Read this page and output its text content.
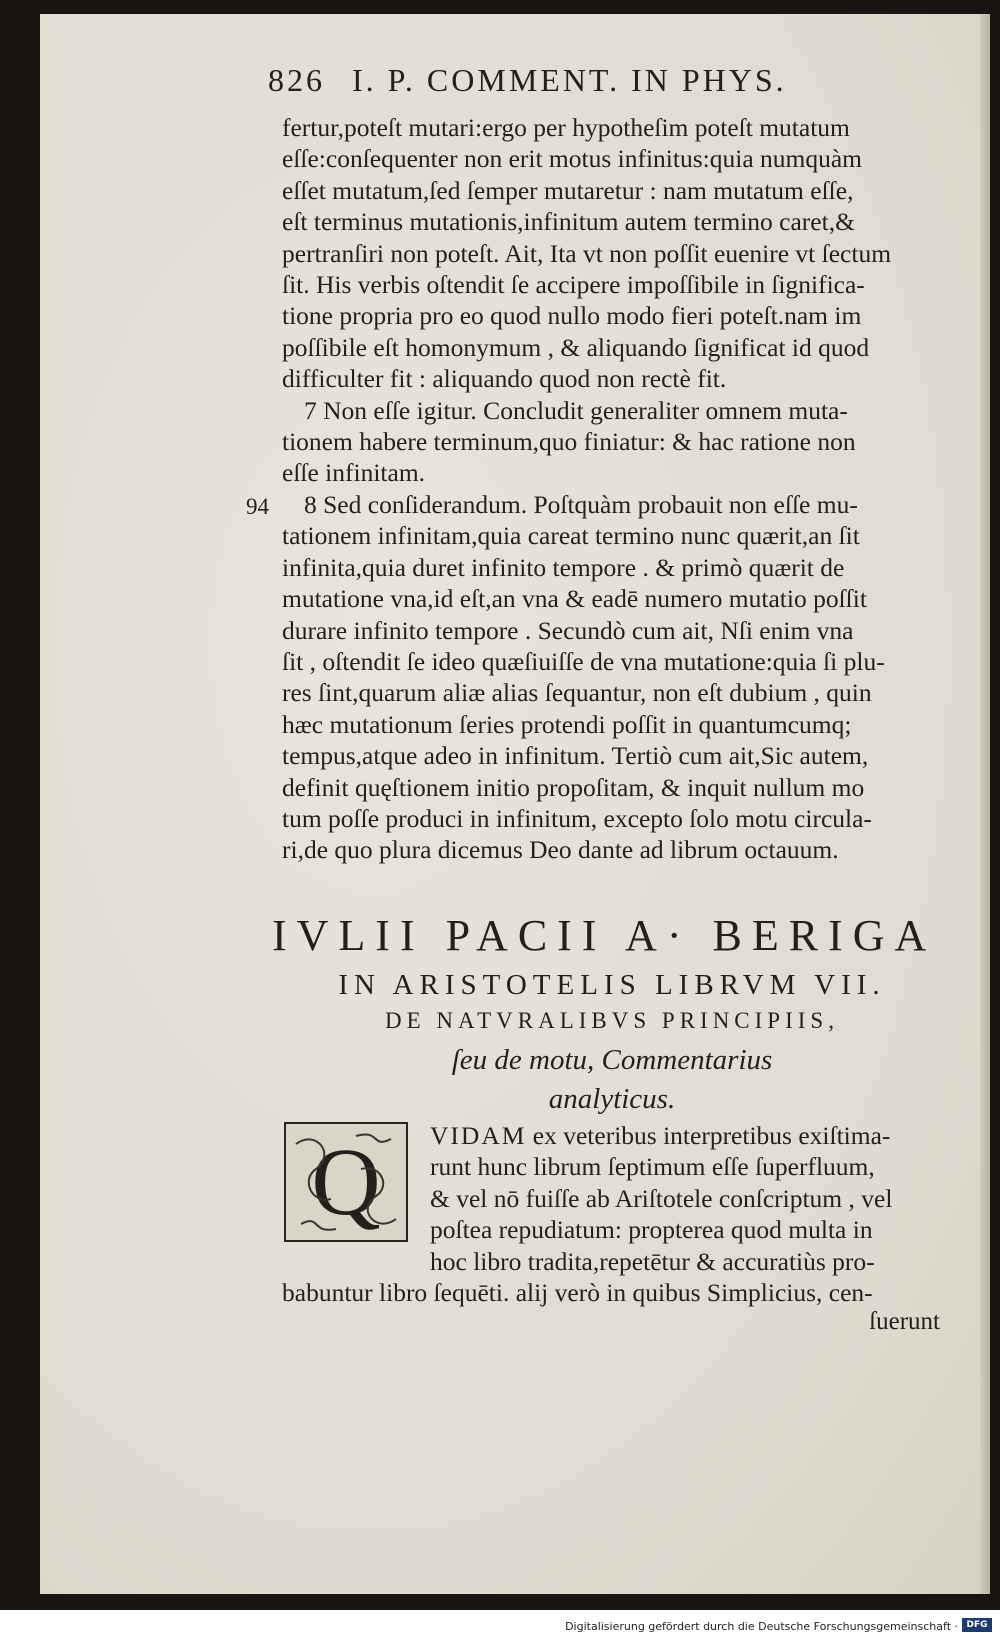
826 I. P. COMMENT. IN PHYS.
94

fertur,poteſt mutari:ergo per hypotheſim poteſt mutatum

eſſe:conſequenter non erit motus infinitus:quia numquàm

eſſet mutatum,ſed ſemper mutaretur : nam mutatum eſſe,

eſt terminus mutationis,infinitum autem termino caret,&

pertranſiri non poteſt. Ait, Ita vt non poſſit euenire vt ſectum

ſit. His verbis oſtendit ſe accipere impoſſibile in ſignifica-

tione propria pro eo quod nullo modo fieri poteſt.nam im

poſſibile eſt homonymum , & aliquando ſignificat id quod

difficulter fit : aliquando quod non rectè fit.

7 Non eſſe igitur. Concludit generaliter omnem muta-

tionem habere terminum,quo finiatur: & hac ratione non

eſſe infinitam.

8 Sed conſiderandum. Poſtquàm probauit non eſſe mu-

tationem infinitam,quia careat termino nunc quærit,an ſit

infinita,quia duret infinito tempore . & primò quærit de

mutatione vna,id eſt,an vna & eadē numero mutatio poſſit

durare infinito tempore . Secundò cum ait, Nſi enim vna

ſit , oſtendit ſe ideo quæſiuiſſe de vna mutatione:quia ſi plu-

res ſint,quarum aliæ alias ſequantur, non eſt dubium , quin

hæc mutationum ſeries protendi poſſit in quantumcumq;

tempus,atque adeo in infinitum. Tertiò cum ait,Sic autem,

definit quęſtionem initio propoſitam, & inquit nullum mo

tum poſſe produci in infinitum, excepto ſolo motu circula-

ri,de quo plura dicemus Deo dante ad librum octauum.

IVLII PACII A· BERIGA
IN ARISTOTELIS LIBRVM VII.
DE NATVRALIBVS PRINCIPIIS,
ſeu de motu, Commentarius
analyticus.
Q	VIDAM ex veteribus interpretibus exiſtima-
runt hunc librum ſeptimum eſſe ſuperfluum,
& vel nō fuiſſe ab Ariſtotele conſcriptum , vel
poſtea repudiatum: propterea quod multa in
hoc libro tradita,repetētur & accuratiùs pro-
babuntur libro ſequēti. alij verò in quibus Simplicius, cen-
ſuerunt
Digitalisierung gefördert durch die Deutsche Forschungsgemeinschaft · DFG
